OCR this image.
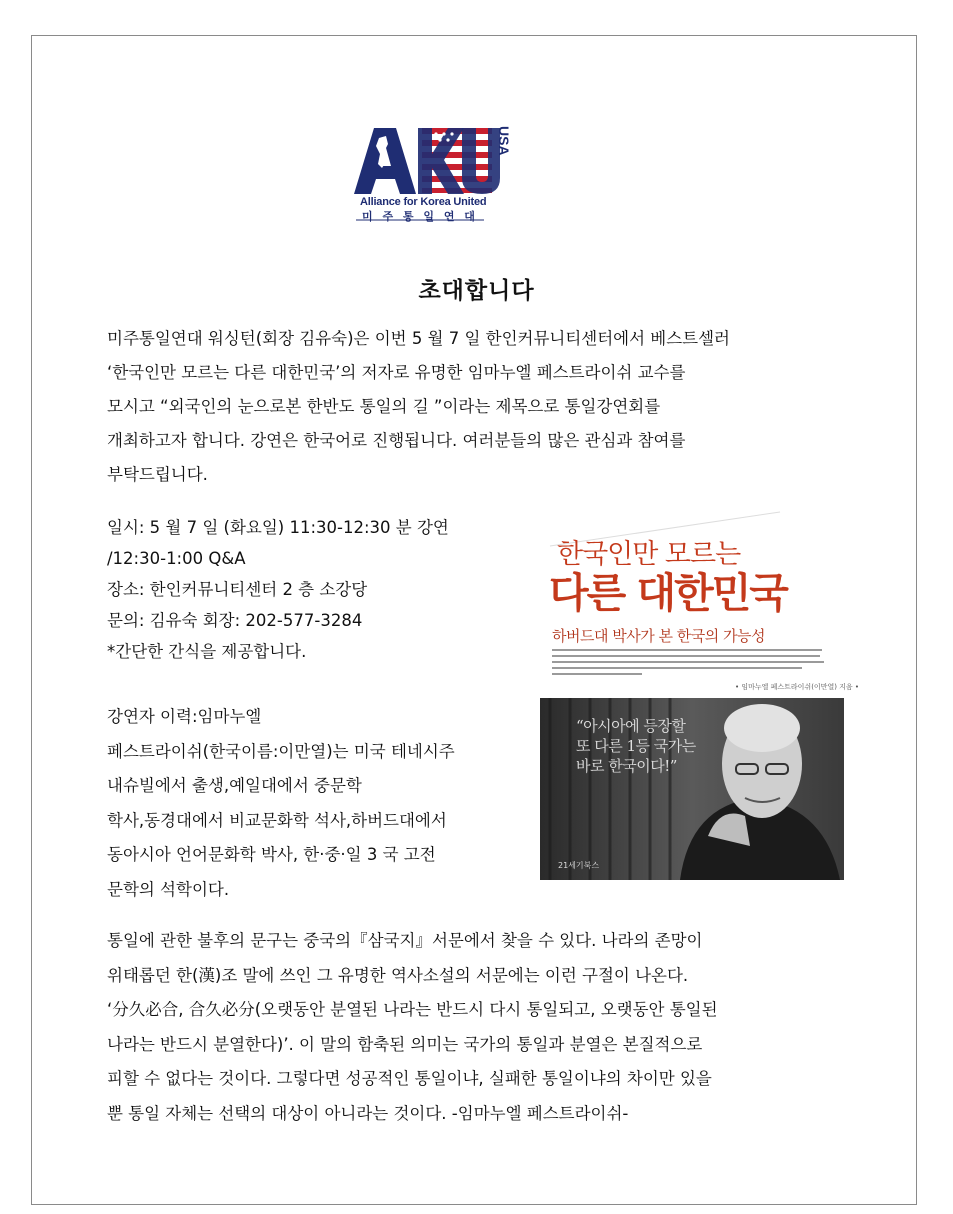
Alliance for Korea United
미 주 통 일 연 대
USA
초대합니다
미주통일연대 워싱턴(회장 김유숙)은 이번 5 월 7 일 한인커뮤니티센터에서 베스트셀러
‘한국인만 모르는 다른 대한민국’의 저자로 유명한 임마누엘 페스트라이쉬 교수를
모시고 “외국인의 눈으로본 한반도 통일의 길 ”이라는 제목으로 통일강연회를
개최하고자 합니다. 강연은 한국어로 진행됩니다. 여러분들의 많은 관심과 참여를
부탁드립니다.
일시: 5 월 7 일 (화요일) 11:30-12:30 분 강연
/12:30-1:00 Q&A
장소: 한인커뮤니티센터 2 층 소강당
문의: 김유숙 회장: 202-577-3284
*간단한 간식을 제공합니다.
강연자 이력:임마누엘
페스트라이쉬(한국이름:이만열)는 미국 테네시주
내슈빌에서 출생,예일대에서 중문학
학사,동경대에서 비교문화학 석사,하버드대에서
동아시아 언어문화학 박사, 한·중·일 3 국 고전
문학의 석학이다.
한국인만 모르는
다른 대한민국
하버드대 박사가 본 한국의 가능성
• 임마누엘 페스트라이쉬(이만열) 지음 •
“아시아에 등장할
또 다른 1등 국가는
바로 한국이다!”
21세기북스
통일에 관한 불후의 문구는 중국의『삼국지』서문에서 찾을 수 있다. 나라의 존망이
위태롭던 한(漢)조 말에 쓰인 그 유명한 역사소설의 서문에는 이런 구절이 나온다.
‘分久必合, 合久必分(오랫동안 분열된 나라는 반드시 다시 통일되고, 오랫동안 통일된
나라는 반드시 분열한다)’. 이 말의 함축된 의미는 국가의 통일과 분열은 본질적으로
피할 수 없다는 것이다. 그렇다면 성공적인 통일이냐, 실패한 통일이냐의 차이만 있을
뿐 통일 자체는 선택의 대상이 아니라는 것이다. -임마누엘 페스트라이쉬-
